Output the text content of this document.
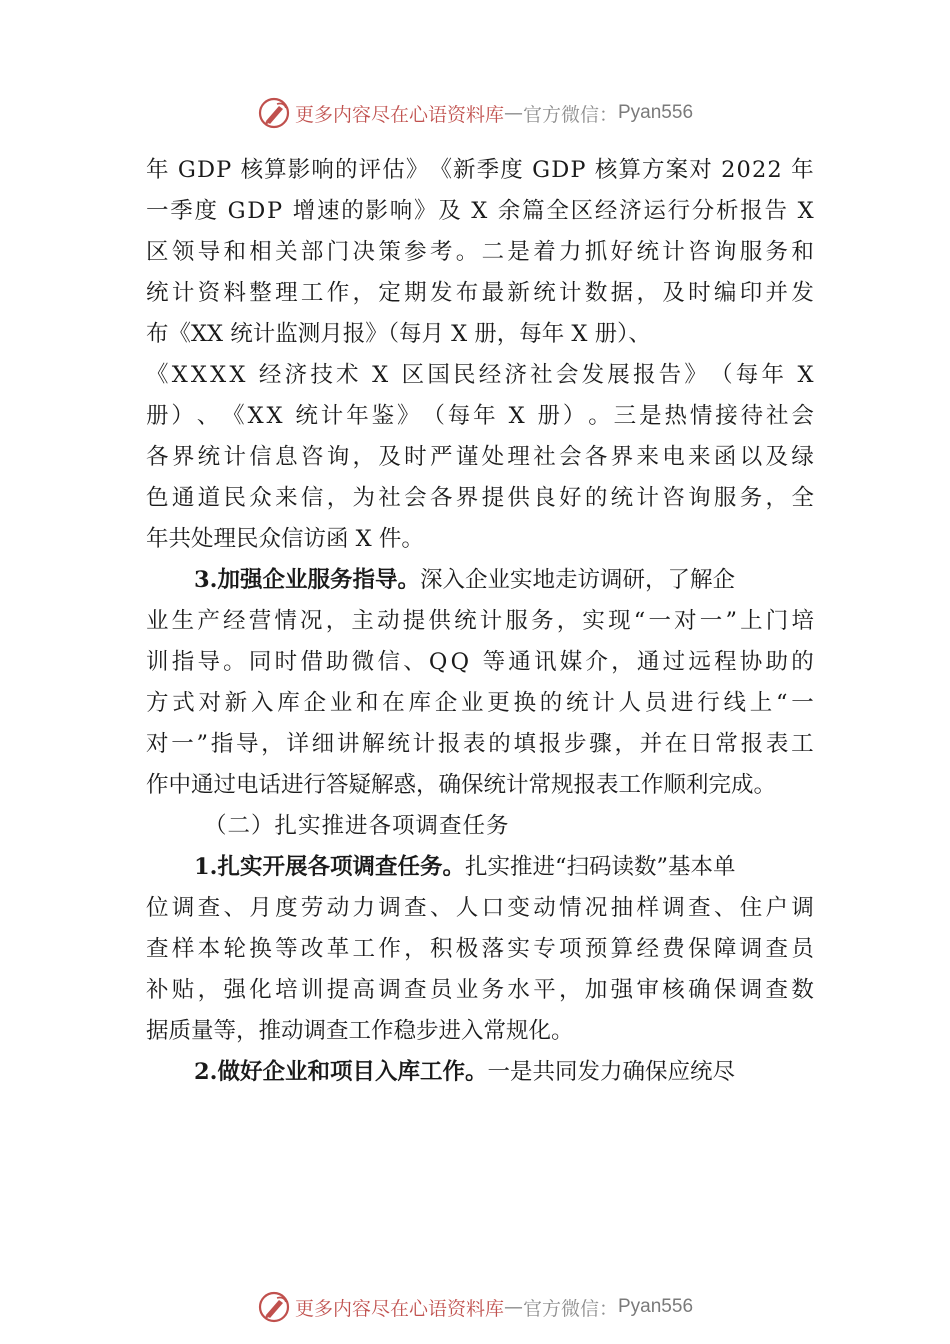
更多内容尽在心语资料库 — 官方微信： Pyan556
年
G D P
核 算 影 响 的 评 估 》 《 新 季 度
G D P
核 算 方 案 对
2 0 2 2
年
一 季 度
G D P
增 速 的 影 响 》 及
X
余 篇 全 区 经 济 运 行 分 析 报 告
X
区 领 导 和 相 关 部 门 决 策 参 考 。 二 是 着 力 抓 好 统 计 咨 询 服 务 和
统 计 资 料 整 理 工 作 ， 定 期 发 布 最 新 统 计 数 据 ， 及 时 编 印 并 发
布《XX 统计监测月报》（每月 X 册，每年 X 册）、
《 X X X X
经 济 技 术
X
区 国 民 经 济 社 会 发 展 报 告 》 （ 每 年
X
册 ） 、 《 X X
统 计 年 鉴 》 （ 每 年
X
册 ） 。 三 是 热 情 接 待 社 会
各 界 统 计 信 息 咨 询 ， 及 时 严 谨 处 理 社 会 各 界 来 电 来 函 以 及 绿
色 通 道 民 众 来 信 ， 为 社 会 各 界 提 供 良 好 的 统 计 咨 询 服 务 ， 全
年共处理民众信访函 X 件。
3.加强企业服务指导。 深入企业实地走访调研，了解企
业 生 产 经 营 情 况 ， 主 动 提 供 统 计 服 务 ， 实 现 “ 一 对 一 ” 上 门 培
训 指 导 。 同 时 借 助 微 信 、 Q Q
等 通 讯 媒 介 ， 通 过 远 程 协 助 的
方 式 对 新 入 库 企 业 和 在 库 企 业 更 换 的 统 计 人 员 进 行 线 上 “ 一
对 一 ” 指 导 ， 详 细 讲 解 统 计 报 表 的 填 报 步 骤 ， 并 在 日 常 报 表 工
作中通过电话进行答疑解惑，确保统计常规报表工作顺利完成。
（二）扎实推进各项调查任务
1.扎实开展各项调查任务。 扎实推进“扫码读数”基本单
位 调 查 、 月 度 劳 动 力 调 查 、 人 口 变 动 情 况 抽 样 调 查 、 住 户 调
查 样 本 轮 换 等 改 革 工 作 ， 积 极 落 实 专 项 预 算 经 费 保 障 调 查 员
补 贴 ， 强 化 培 训 提 高 调 查 员 业 务 水 平 ， 加 强 审 核 确 保 调 查 数
据质量等，推动调查工作稳步进入常规化。
2.做好企业和项目入库工作。 一是共同发力确保应统尽
更多内容尽在心语资料库 — 官方微信： Pyan556
